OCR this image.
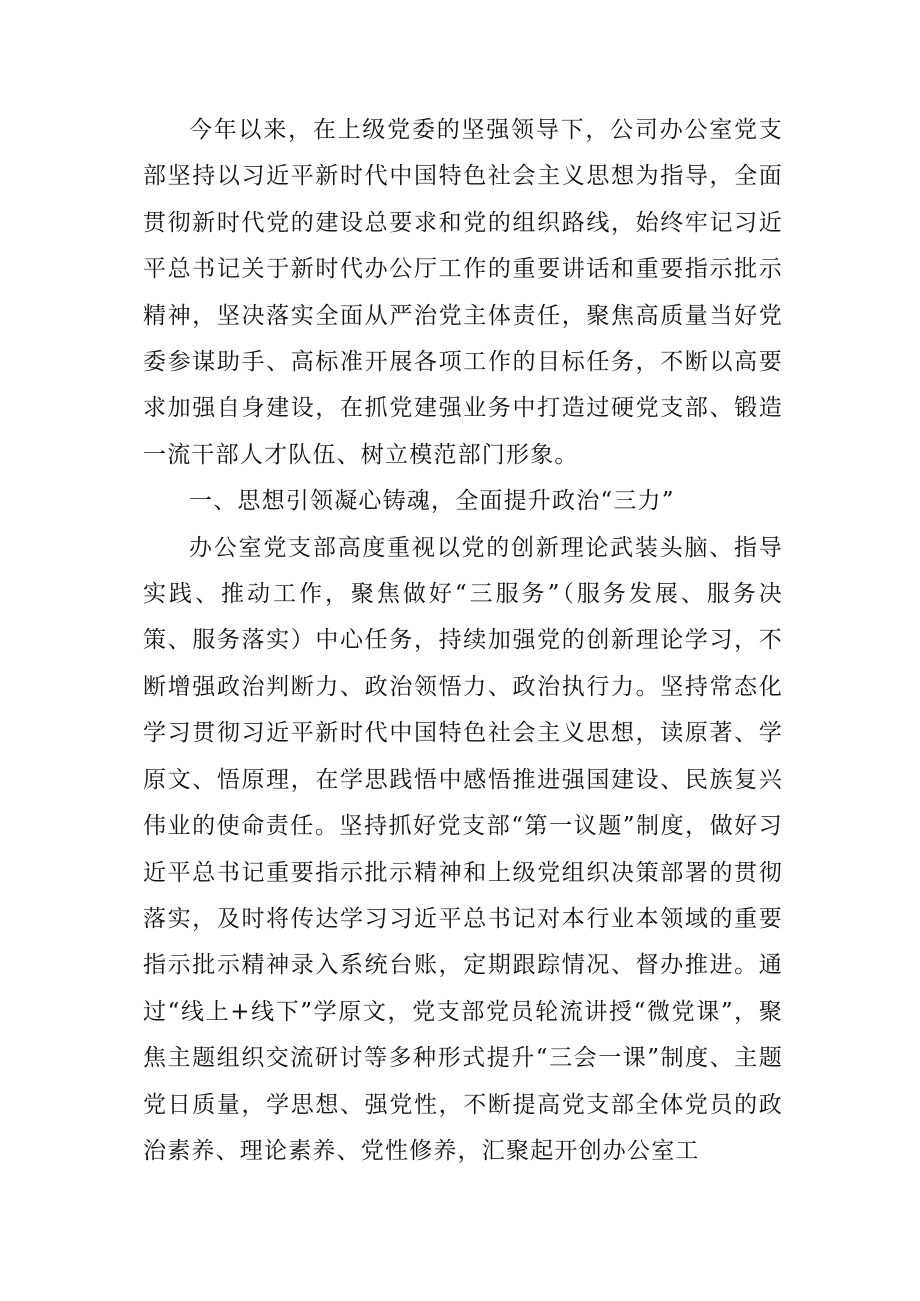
今年以来，在上级党委的坚强领导下，公司办公室党支部坚持以习近平新时代中国特色社会主义思想为指导，全面贯彻新时代党的建设总要求和党的组织路线，始终牢记习近平总书记关于新时代办公厅工作的重要讲话和重要指示批示精神，坚决落实全面从严治党主体责任，聚焦高质量当好党委参谋助手、高标准开展各项工作的目标任务，不断以高要求加强自身建设，在抓党建强业务中打造过硬党支部、锻造一流干部人才队伍、树立模范部门形象。

一、思想引领凝心铸魂，全面提升政治“三力”

办公室党支部高度重视以党的创新理论武装头脑、指导实践、推动工作，聚焦做好“三服务”（服务发展、服务决策、服务落实）中心任务，持续加强党的创新理论学习，不断增强政治判断力、政治领悟力、政治执行力。坚持常态化学习贯彻习近平新时代中国特色社会主义思想，读原著、学原文、悟原理，在学思践悟中感悟推进强国建设、民族复兴伟业的使命责任。坚持抓好党支部“第一议题”制度，做好习近平总书记重要指示批示精神和上级党组织决策部署的贯彻落实，及时将传达学习习近平总书记对本行业本领域的重要指示批示精神录入系统台账，定期跟踪情况、督办推进。通过“线上+线下”学原文，党支部党员轮流讲授“微党课”，聚焦主题组织交流研讨等多种形式提升“三会一课”制度、主题党日质量，学思想、强党性，不断提高党支部全体党员的政治素养、理论素养、党性修养，汇聚起开创办公室工
